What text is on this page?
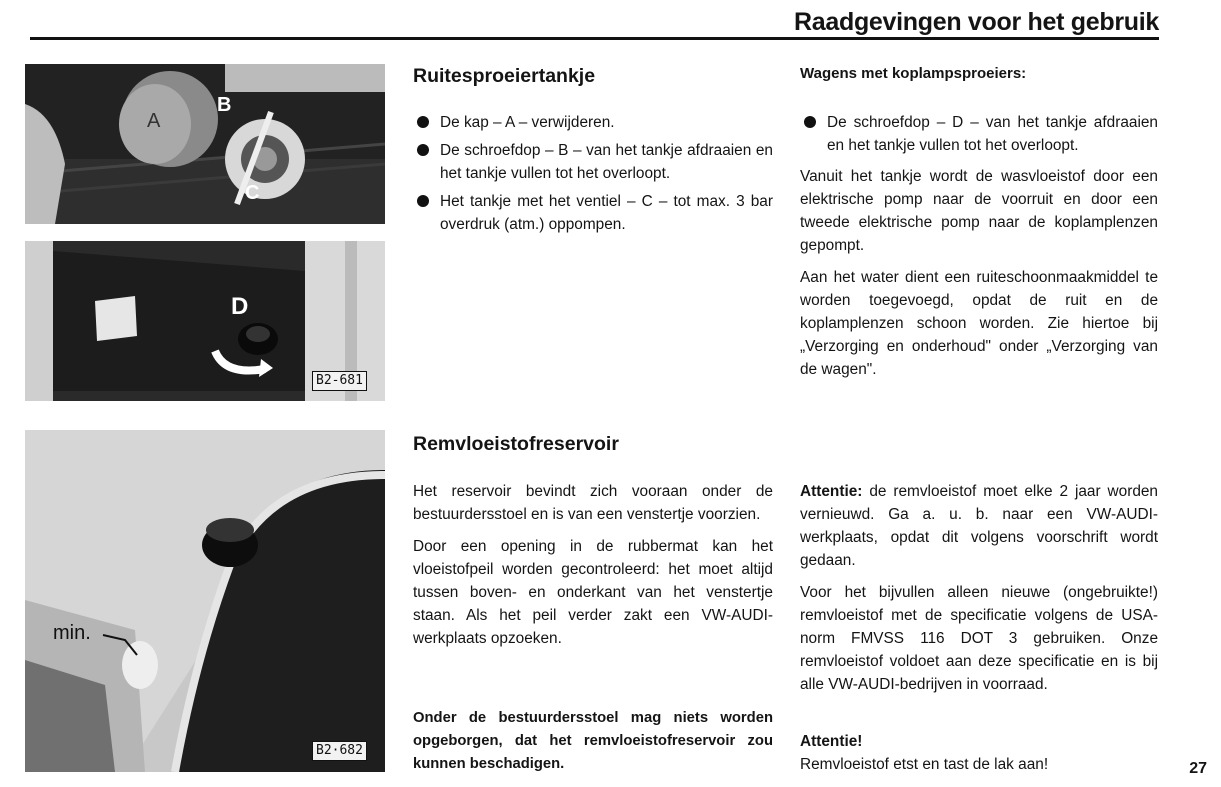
Raadgevingen voor het gebruik
A
B
C
D
B2-681
min.
B2·682
Ruitesproeiertankje
De kap – A – verwijderen.
De schroefdop – B – van het tankje afdraaien en het tankje vullen tot het overloopt.
Het tankje met het ventiel – C – tot max. 3 bar overdruk (atm.) oppompen.
Wagens met koplampsproeiers:
De schroefdop – D – van het tankje afdraaien en het tankje vullen tot het overloopt.

Vanuit het tankje wordt de wasvloeistof door een elektrische pomp naar de voorruit en door een tweede elektrische pomp naar de koplamplenzen gepompt.

Aan het water dient een ruiteschoonmaakmiddel te worden toegevoegd, opdat de ruit en de koplamplenzen schoon worden. Zie hiertoe bij „Verzorging en onderhoud" onder „Verzorging van de wagen".

Remvloeistofreservoir

Het reservoir bevindt zich vooraan onder de bestuurdersstoel en is van een venstertje voorzien.

Door een opening in de rubbermat kan het vloeistofpeil worden gecontroleerd: het moet altijd tussen boven- en onderkant van het venstertje staan. Als het peil verder zakt een VW-AUDI-werkplaats opzoeken.

Onder de bestuurdersstoel mag niets worden opgeborgen, dat het remvloeistofreservoir zou kunnen beschadigen.

Attentie: de remvloeistof moet elke 2 jaar worden vernieuwd. Ga a. u. b. naar een VW-AUDI-werkplaats, opdat dit volgens voorschrift wordt gedaan.

Voor het bijvullen alleen nieuwe (ongebruikte!) remvloeistof met de specificatie volgens de USA-norm FMVSS 116 DOT 3 gebruiken. Onze remvloeistof voldoet aan deze specificatie en is bij alle VW-AUDI-bedrijven in voorraad.

Attentie!
Remvloeistof etst en tast de lak aan!	27
